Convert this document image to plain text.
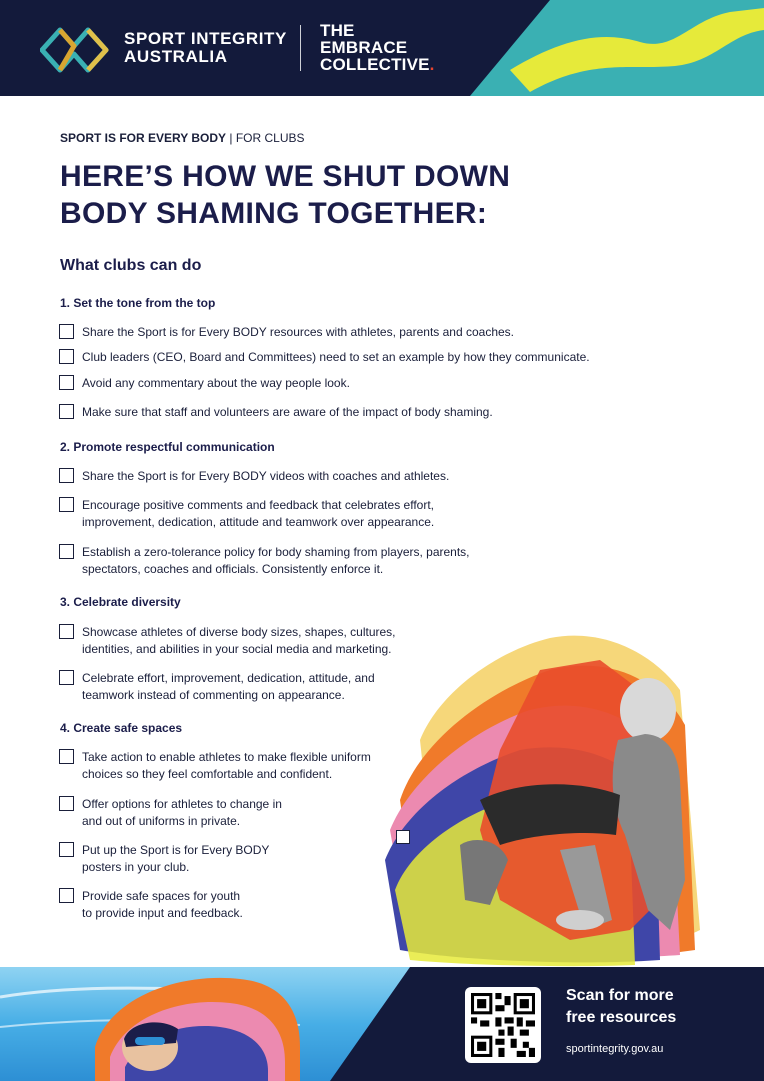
SPORT INTEGRITY
AUSTRALIA
THE
EMBRACE
COLLECTIVE.
SPORT IS FOR EVERY BODY | FOR CLUBS
HERE’S HOW WE SHUT DOWN
BODY SHAMING TOGETHER:
What clubs can do
1. Set the tone from the top
Share the Sport is for Every BODY resources with athletes, parents and coaches.
Club leaders (CEO, Board and Committees) need to set an example by how they communicate.
Avoid any commentary about the way people look.
Make sure that staff and volunteers are aware of the impact of body shaming.
2. Promote respectful communication
Share the Sport is for Every BODY videos with coaches and athletes.
Encourage positive comments and feedback that celebrates effort,
improvement, dedication, attitude and teamwork over appearance.
Establish a zero-tolerance policy for body shaming from players, parents,
spectators, coaches and officials. Consistently enforce it.
3. Celebrate diversity
Showcase athletes of diverse body sizes, shapes, cultures,
identities, and abilities in your social media and marketing.
Celebrate effort, improvement, dedication, attitude, and
teamwork instead of commenting on appearance.
4. Create safe spaces
Take action to enable athletes to make flexible uniform
choices so they feel comfortable and confident.
Offer options for athletes to change in
and out of uniforms in private.
Put up the Sport is for Every BODY
posters in your club.
Provide safe spaces for youth
to provide input and feedback.
Scan for more
free resources
sportintegrity.gov.au
